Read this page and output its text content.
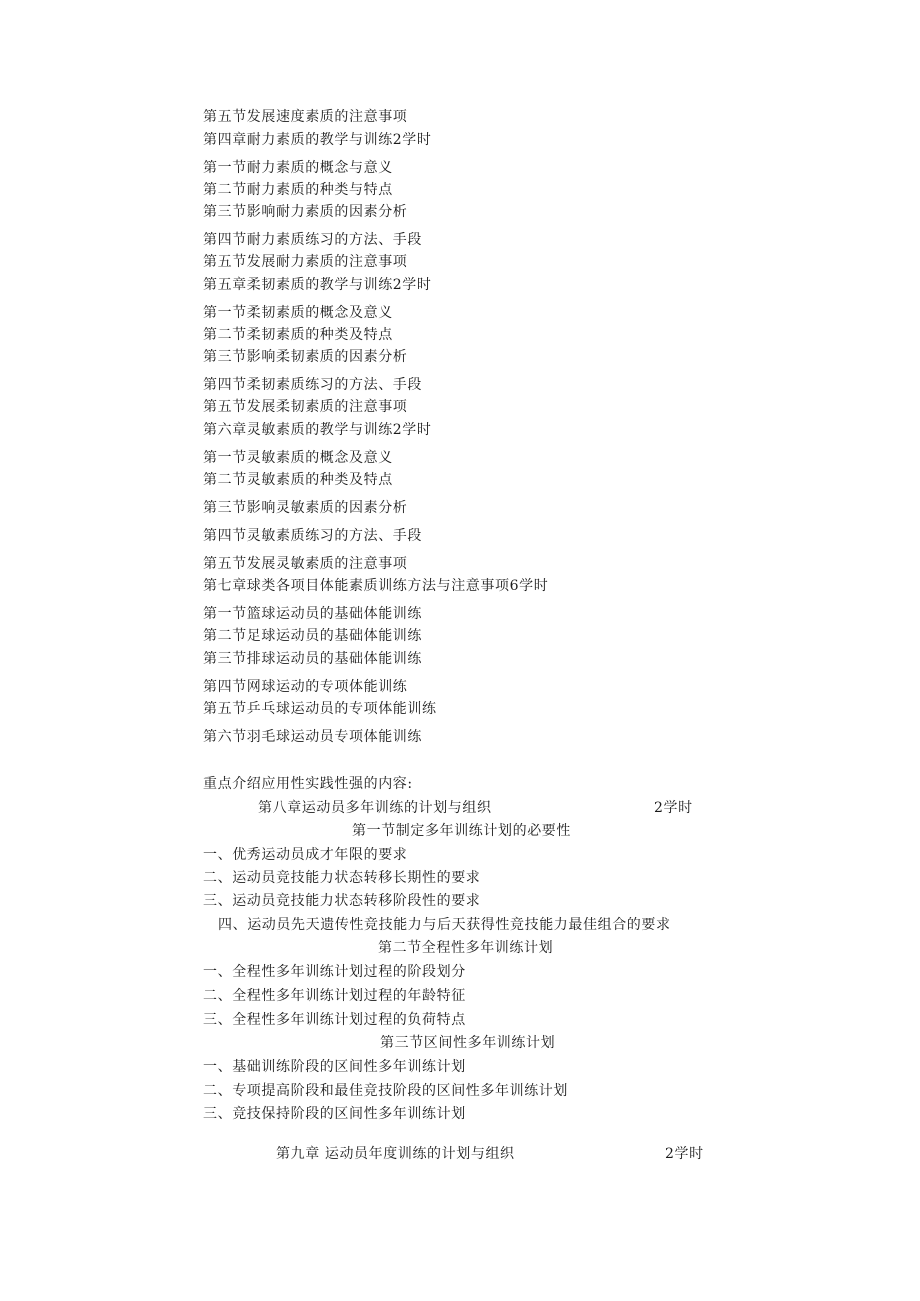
第五节发展速度素质的注意事项
第四章耐力素质的教学与训练2学时
第一节耐力素质的概念与意义
第二节耐力素质的种类与特点
第三节影响耐力素质的因素分析
第四节耐力素质练习的方法、手段
第五节发展耐力素质的注意事项
第五章柔韧素质的教学与训练2学时
第一节柔韧素质的概念及意义
第二节柔韧素质的种类及特点
第三节影响柔韧素质的因素分析
第四节柔韧素质练习的方法、手段
第五节发展柔韧素质的注意事项
第六章灵敏素质的教学与训练2学时
第一节灵敏素质的概念及意义
第二节灵敏素质的种类及特点
第三节影响灵敏素质的因素分析
第四节灵敏素质练习的方法、手段
第五节发展灵敏素质的注意事项
第七章球类各项目体能素质训练方法与注意事项6学时
第一节篮球运动员的基础体能训练
第二节足球运动员的基础体能训练
第三节排球运动员的基础体能训练
第四节网球运动的专项体能训练
第五节乒乓球运动员的专项体能训练
第六节羽毛球运动员专项体能训练
重点介绍应用性实践性强的内容:
第八章运动员多年训练的计划与组织	2学时
第一节制定多年训练计划的必要性
一、优秀运动员成才年限的要求
二、运动员竞技能力状态转移长期性的要求
三、运动员竞技能力状态转移阶段性的要求
四、运动员先天遗传性竞技能力与后天获得性竞技能力最佳组合的要求
第二节全程性多年训练计划
一、全程性多年训练计划过程的阶段划分
二、全程性多年训练计划过程的年龄特征
三、全程性多年训练计划过程的负荷特点
第三节区间性多年训练计划
一、基础训练阶段的区间性多年训练计划
二、专项提高阶段和最佳竞技阶段的区间性多年训练计划
三、竞技保持阶段的区间性多年训练计划
第九章 运动员年度训练的计划与组织	2学时
